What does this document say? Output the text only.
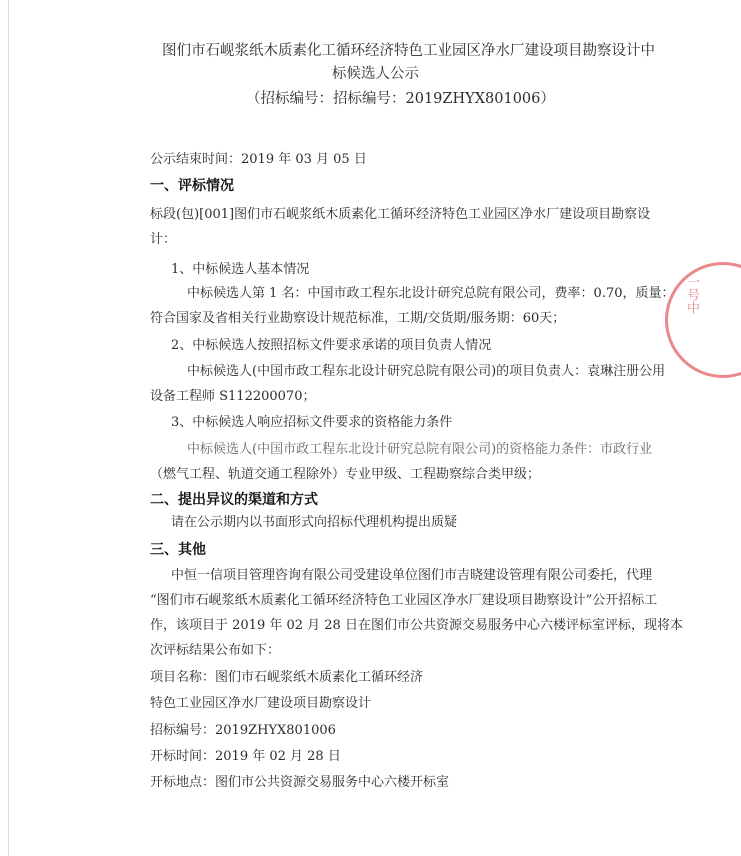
图们市石岘浆纸木质素化工循环经济特色工业园区净水厂建设项目勘察设计中
标候选人公示
（招标编号：招标编号：2019ZHYX801006）
公示结束时间：2019 年 03 月 05 日
一、评标情况
标段(包)[001]图们市石岘浆纸木质素化工循环经济特色工业园区净水厂建设项目勘察设
计：
1、中标候选人基本情况
中标候选人第 1 名：中国市政工程东北设计研究总院有限公司，费率：0.70，质量：
符合国家及省相关行业勘察设计规范标准，工期/交货期/服务期：60天；
2、中标候选人按照招标文件要求承诺的项目负责人情况
中标候选人(中国市政工程东北设计研究总院有限公司)的项目负责人：袁琳注册公用
设备工程师 S112200070；
3、中标候选人响应招标文件要求的资格能力条件
中标候选人(中国市政工程东北设计研究总院有限公司)的资格能力条件：市政行业
（燃气工程、轨道交通工程除外）专业甲级、工程勘察综合类甲级；
二、提出异议的渠道和方式
请在公示期内以书面形式向招标代理机构提出质疑
三、其他
中恒一信项目管理咨询有限公司受建设单位图们市吉晓建设管理有限公司委托，代理
“图们市石岘浆纸木质素化工循环经济特色工业园区净水厂建设项目勘察设计”公开招标工
作，该项目于 2019 年 02 月 28 日在图们市公共资源交易服务中心六楼评标室评标，现将本
次评标结果公布如下：
项目名称：图们市石岘浆纸木质素化工循环经济
特色工业园区净水厂建设项目勘察设计
招标编号：2019ZHYX801006
开标时间：2019 年 02 月 28 日
开标地点：图们市公共资源交易服务中心六楼开标室
一号中
